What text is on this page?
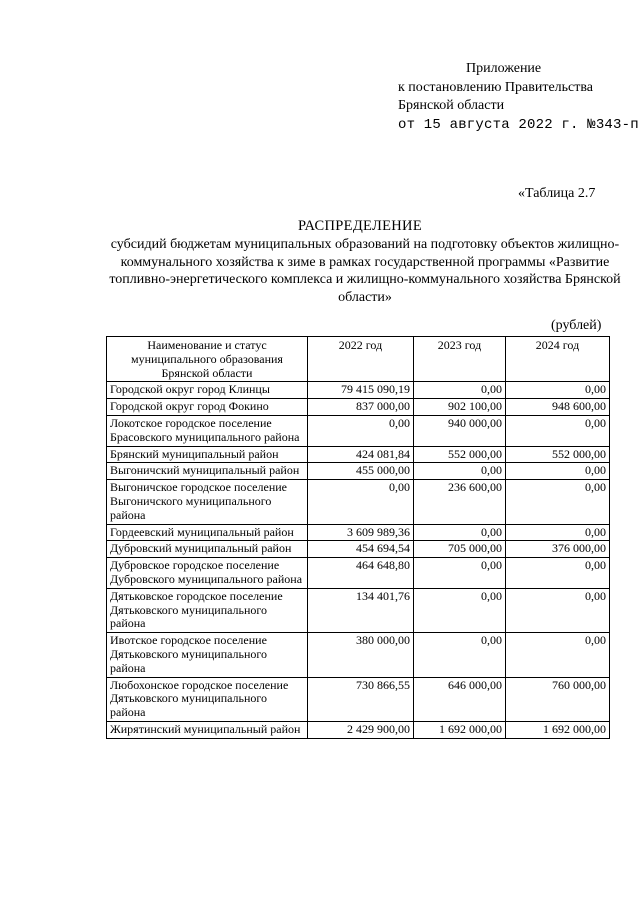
Приложение
к постановлению Правительства
Брянской области
от 15 августа 2022 г. №343-п
«Таблица 2.7
РАСПРЕДЕЛЕНИЕ
субсидий бюджетам муниципальных образований на подготовку объектов жилищно-коммунального хозяйства к зиме в рамках государственной программы «Развитие топливно-энергетического комплекса и жилищно-коммунального хозяйства Брянской области»
(рублей)
Наименование и статус муниципального образования Брянской области	2022 год	2023 год	2024 год
Городской округ город Клинцы	79 415 090,19	0,00	0,00
Городской округ город Фокино	837 000,00	902 100,00	948 600,00
Локотское городское поселение Брасовского муниципального района	0,00	940 000,00	0,00
Брянский муниципальный район	424 081,84	552 000,00	552 000,00
Выгоничский муниципальный район	455 000,00	0,00	0,00
Выгоничское городское поселение Выгоничского муниципального района	0,00	236 600,00	0,00
Гордеевский муниципальный район	3 609 989,36	0,00	0,00
Дубровский муниципальный район	454 694,54	705 000,00	376 000,00
Дубровское городское поселение Дубровского муниципального района	464 648,80	0,00	0,00
Дятьковское городское поселение Дятьковского муниципального района	134 401,76	0,00	0,00
Ивотское городское поселение Дятьковского муниципального района	380 000,00	0,00	0,00
Любохонское городское поселение Дятьковского муниципального района	730 866,55	646 000,00	760 000,00
Жирятинский муниципальный район	2 429 900,00	1 692 000,00	1 692 000,00
